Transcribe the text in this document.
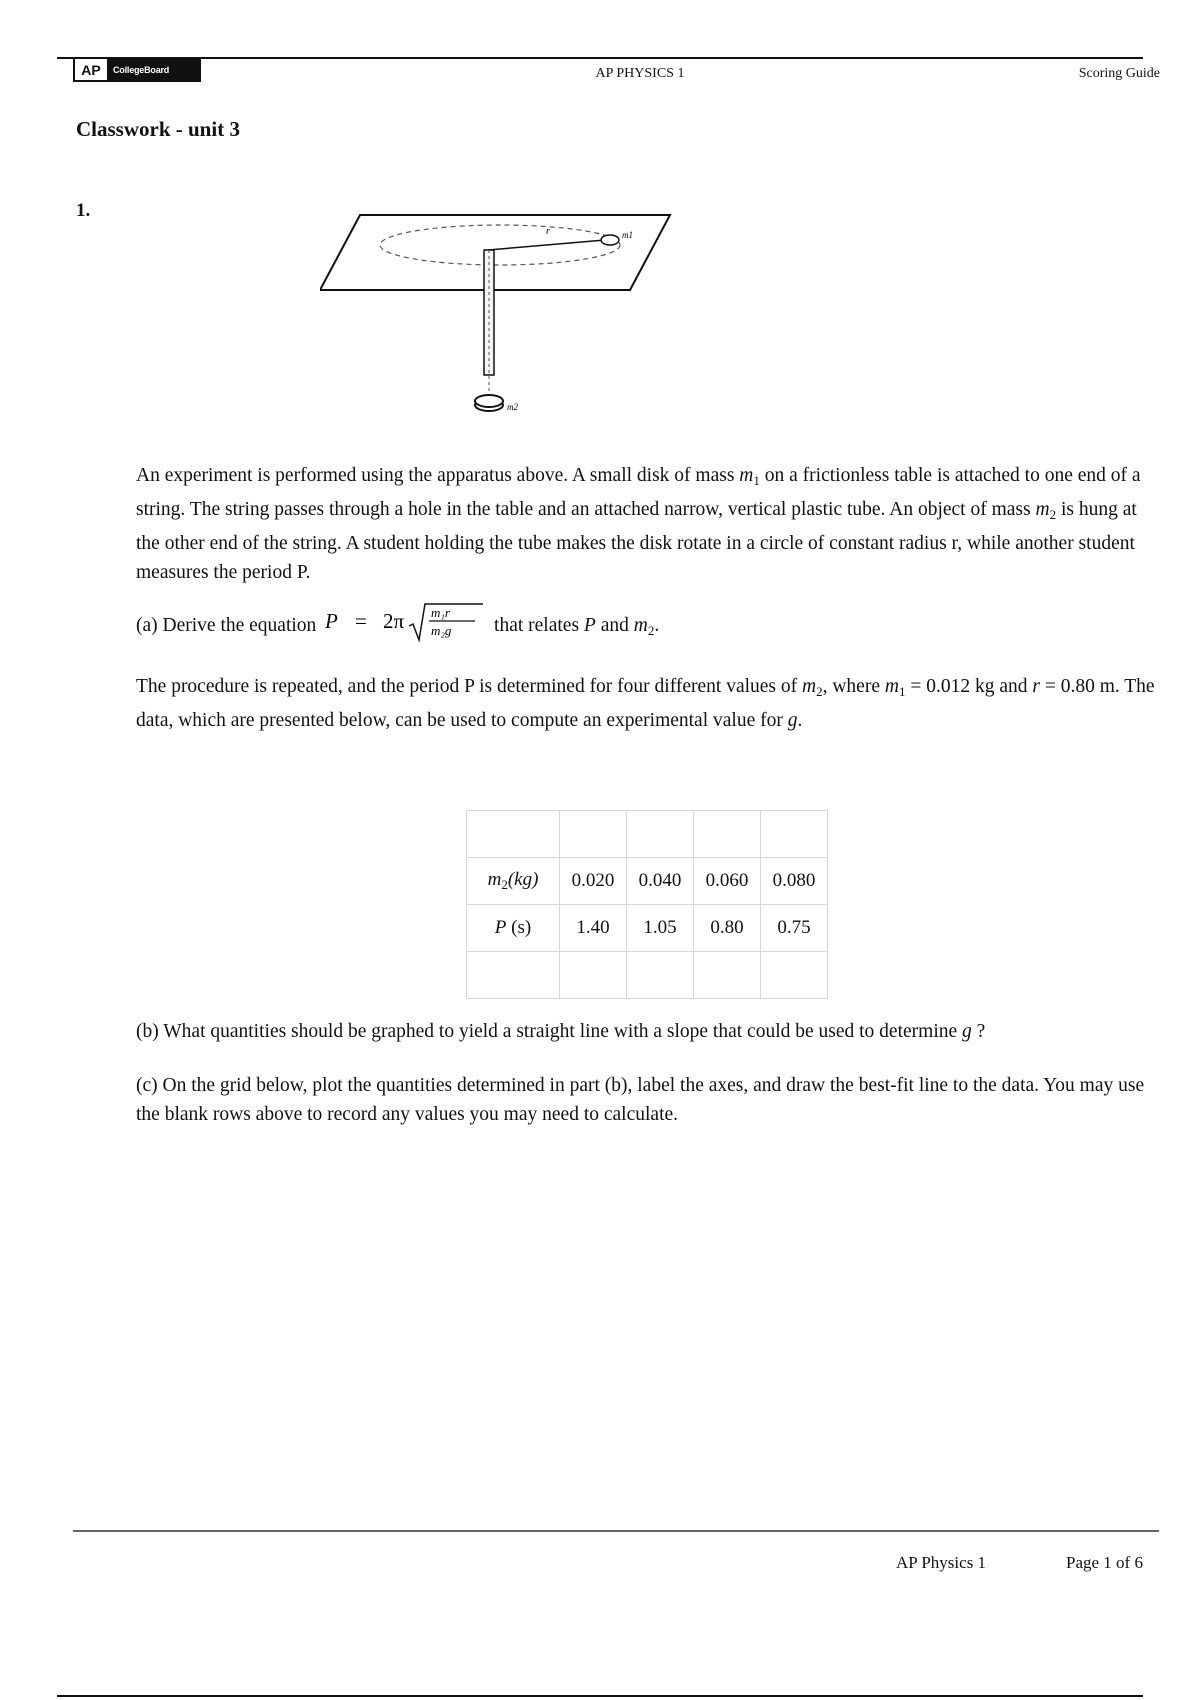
AP	CollegeBoard	AP PHYSICS 1	Scoring Guide
Classwork - unit 3
1.
r	m1
m2
An experiment is performed using the apparatus above. A small disk of mass $m_1$ on a frictionless table is attached to one end of a string. The string passes through a hole in the table and an attached narrow, vertical plastic tube. An object of mass $m_2$ is hung at the other end of the string. A student holding the tube makes the disk rotate in a circle of constant radius r, while another student measures the period P.
(a) Derive the equation P = 2π m₁r
m₂g that relates P and $m_2$.
The procedure is repeated, and the period P is determined for four different values of $m_2$, where $m_1 = 0.012$ kg and r = 0.80 m. The data, which are presented below, can be used to compute an experimental value for g.

$m_2(kg)$	0.020	0.040	0.060	0.080
P (s)	1.40	1.05	0.80	0.75

(b) What quantities should be graphed to yield a straight line with a slope that could be used to determine g ?
(c) On the grid below, plot the quantities determined in part (b), label the axes, and draw the best-fit line to the data. You may use the blank rows above to record any values you may need to calculate.
AP Physics 1	Page 1 of 6
